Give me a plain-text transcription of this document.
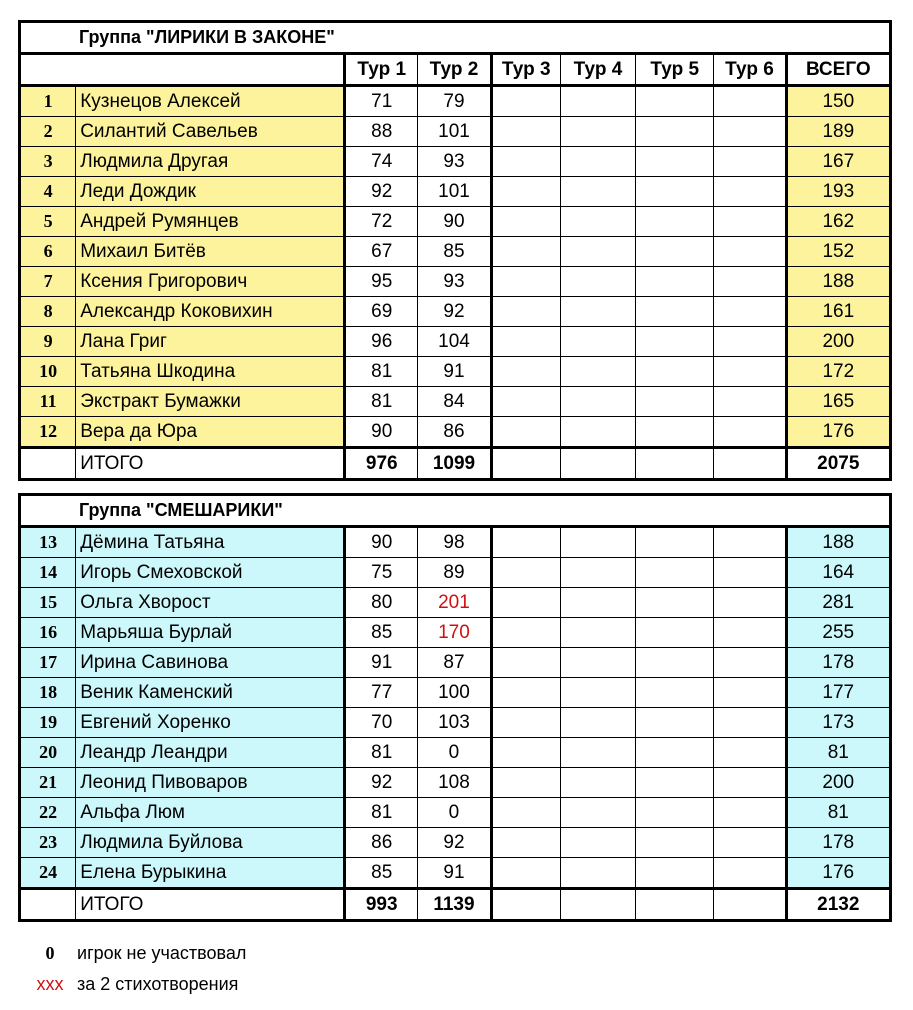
Группа "ЛИРИКИ В ЗАКОНЕ"								
		Тур 1	Тур 2	Тур 3	Тур 4	Тур 5	Тур 6	ВСЕГО
1	Кузнецов Алексей	71	79					150
2	Силантий Савельев	88	101					189
3	Людмила Другая	74	93					167
4	Леди Дождик	92	101					193
5	Андрей Румянцев	72	90					162
6	Михаил Битёв	67	85					152
7	Ксения Григорович	95	93					188
8	Александр Коковихин	69	92					161
9	Лана Григ	96	104					200
10	Татьяна Шкодина	81	91					172
11	Экстракт Бумажки	81	84					165
12	Вера да Юра	90	86					176
	ИТОГО	976	1099					2075
Группа "СМЕШАРИКИ"								
13	Дёмина Татьяна	90	98					188
14	Игорь Смеховской	75	89					164
15	Ольга Хворост	80	201					281
16	Марьяша Бурлай	85	170					255
17	Ирина Савинова	91	87					178
18	Веник Каменский	77	100					177
19	Евгений Хоренко	70	103					173
20	Леандр Леандри	81	0					81
21	Леонид Пивоваров	92	108					200
22	Альфа Люм	81	0					81
23	Людмила Буйлова	86	92					178
24	Елена Бурыкина	85	91					176
	ИТОГО	993	1139					2132
0 игрок не участвовал
ххх за 2 стихотворения
